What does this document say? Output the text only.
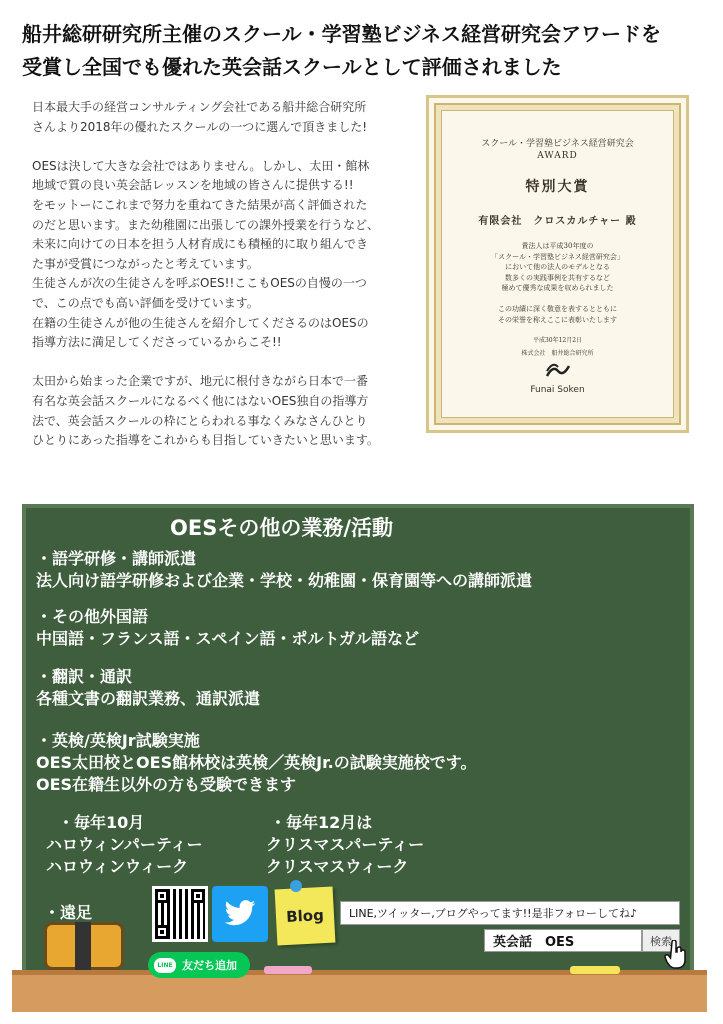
船井総研研究所主催のスクール・学習塾ビジネス経営研究会アワードを
受賞し全国でも優れた英会話スクールとして評価されました

日本最大手の経営コンサルティング会社である船井総合研究所

さんより2018年の優れたスクールの一つに選んで頂きました!

OESは決して大きな会社ではありません。しかし、太田・館林

地域で質の良い英会話レッスンを地域の皆さんに提供する!!

をモットーにこれまで努力を重ねてきた結果が高く評価された

のだと思います。また幼稚園に出張しての課外授業を行うなど、

未来に向けての日本を担う人材育成にも積極的に取り組んでき

た事が受賞につながったと考えています。

生徒さんが次の生徒さんを呼ぶOES!!ここもOESの自慢の一つ

で、この点でも高い評価を受けています。

在籍の生徒さんが他の生徒さんを紹介してくださるのはOESの

指導方法に満足してくださっているからこそ!!

太田から始まった企業ですが、地元に根付きながら日本で一番

有名な英会話スクールになるべく他にはないOES独自の指導方

法で、英会話スクールの枠にとらわれる事なくみなさんひとり

ひとりにあった指導をこれからも目指していきたいと思います。

スクール・学習塾ビジネス経営研究会
AWARD
特別大賞
有限会社　クロスカルチャー 殿
貴法人は平成30年度の
「スクール・学習塾ビジネス経営研究会」
において他の法人のモデルとなる
数多くの実践事例を共有するなど
極めて優秀な成果を収められました

この功績に深く敬意を表するとともに
その栄誉を称えここに表彰いたします
平成30年12月2日
株式会社　船井総合研究所
Funai Soken
OESその他の業務/活動
・語学研修・講師派遣
法人向け語学研修および企業・学校・幼稚園・保育園等への講師派遣
・その他外国語
中国語・フランス語・スペイン語・ポルトガル語など
・翻訳・通訳
各種文書の翻訳業務、通訳派遣
・英検/英検Jr試験実施
OES太田校とOES館林校は英検／英検Jr.の試験実施校です。
OES在籍生以外の方も受験できます
・毎年10月
ハロウィンパーティー
ハロウィンウィーク
・毎年12月は
クリスマスパーティー
クリスマスウィーク
・遠足	Blog
LINE 友だち追加
LINE,ツイッター,ブログやってます!!是非フォローしてね♪
英会話　OES	検索
